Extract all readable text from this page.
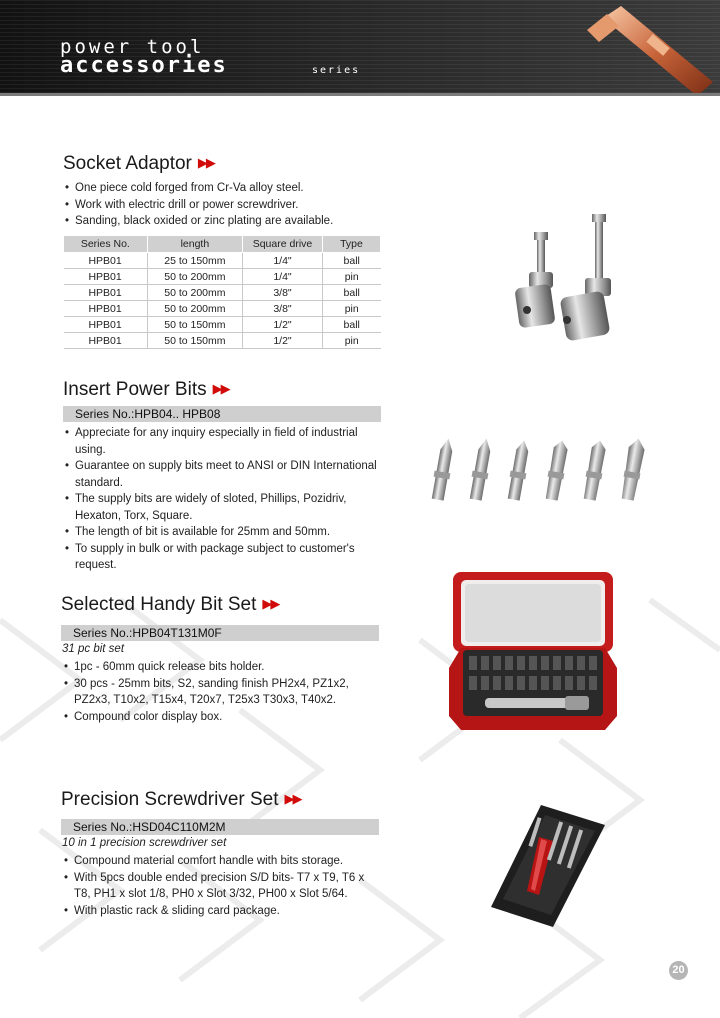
power tool
accessories	series
Socket Adaptor ▶▶
• One piece cold forged from Cr-Va alloy steel.
• Work with electric drill or power screwdriver.
• Sanding, black oxided or zinc plating are available.
Series No.	length	Square drive	Type
HPB01	25 to 150mm	1/4"	ball
HPB01	50 to 200mm	1/4"	pin
HPB01	50 to 200mm	3/8"	ball
HPB01	50 to 200mm	3/8"	pin
HPB01	50 to 150mm	1/2"	ball
HPB01	50 to 150mm	1/2"	pin
Insert Power Bits ▶▶
Series No.:HPB04.. HPB08
• Appreciate for any inquiry especially in field of industrial using.
• Guarantee on supply bits meet to ANSI or DIN International standard.
• The supply bits are widely of sloted, Phillips, Pozidriv, Hexaton, Torx, Square.
• The length of bit is available for 25mm and 50mm.
• To supply in bulk or with package subject to customer's request.
Selected Handy Bit Set ▶▶
Series No.:HPB04T131M0F
31 pc bit set
• 1pc - 60mm quick release bits holder.
• 30 pcs - 25mm bits, S2, sanding finish PH2x4, PZ1x2, PZ2x3, T10x2, T15x4, T20x7, T25x3 T30x3, T40x2.
• Compound color display box.
Precision Screwdriver Set ▶▶
Series No.:HSD04C110M2M
10 in 1 precision screwdriver set
• Compound material comfort handle with bits storage.
• With 5pcs double ended precision S/D bits- T7 x T9, T6 x T8, PH1 x slot 1/8, PH0 x Slot 3/32, PH00 x Slot 5/64.
• With plastic rack & sliding card package.
20
